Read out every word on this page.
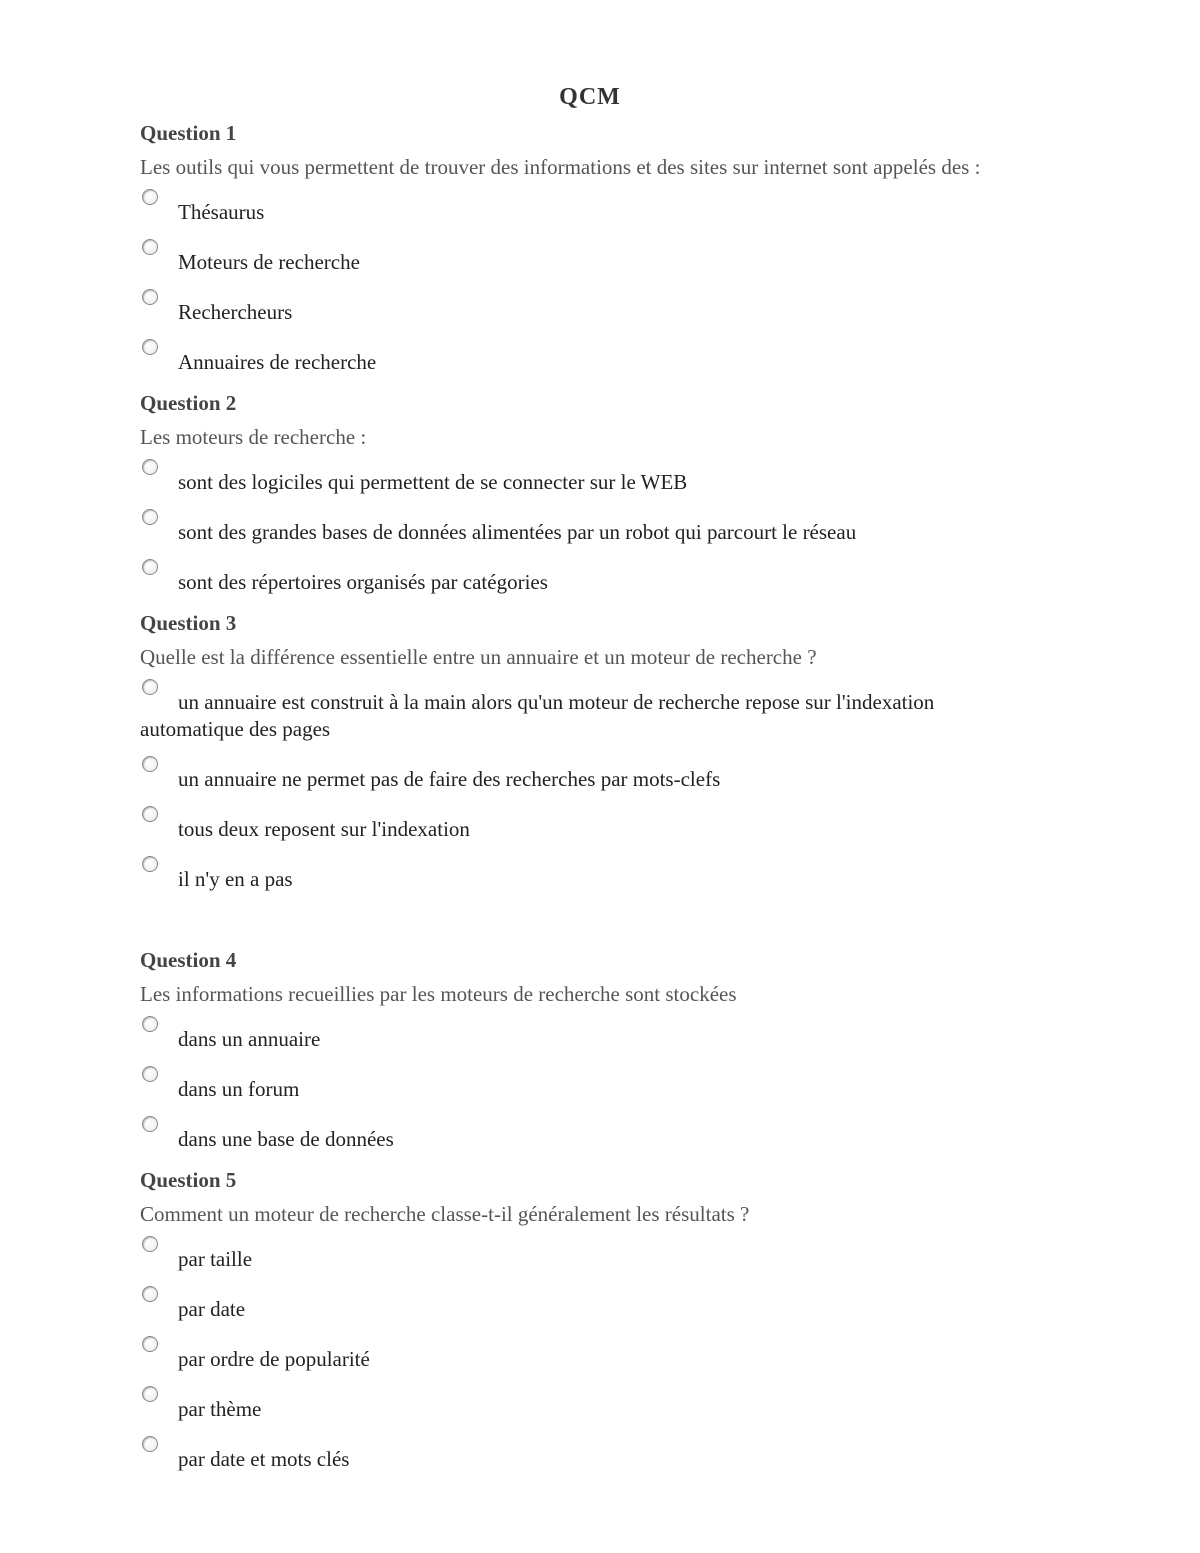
QCM
Question 1

Les outils qui vous permettent de trouver des informations et des sites sur internet sont appelés des :

Thésaurus
Moteurs de recherche
Rechercheurs
Annuaires de recherche
Question 2

Les moteurs de recherche :

sont des logiciles qui permettent de se connecter sur le WEB
sont des grandes bases de données alimentées par un robot qui parcourt le réseau
sont des répertoires organisés par catégories
Question 3

Quelle est la différence essentielle entre un annuaire et un moteur de recherche ?

un annuaire est construit à la main alors qu'un moteur de recherche repose sur l'indexation automatique des pages
un annuaire ne permet pas de faire des recherches par mots-clefs
tous deux reposent sur l'indexation
il n'y en a pas
Question 4

Les informations recueillies par les moteurs de recherche sont stockées

dans un annuaire
dans un forum
dans une base de données
Question 5

Comment un moteur de recherche classe-t-il généralement les résultats ?

par taille
par date
par ordre de popularité
par thème
par date et mots clés
